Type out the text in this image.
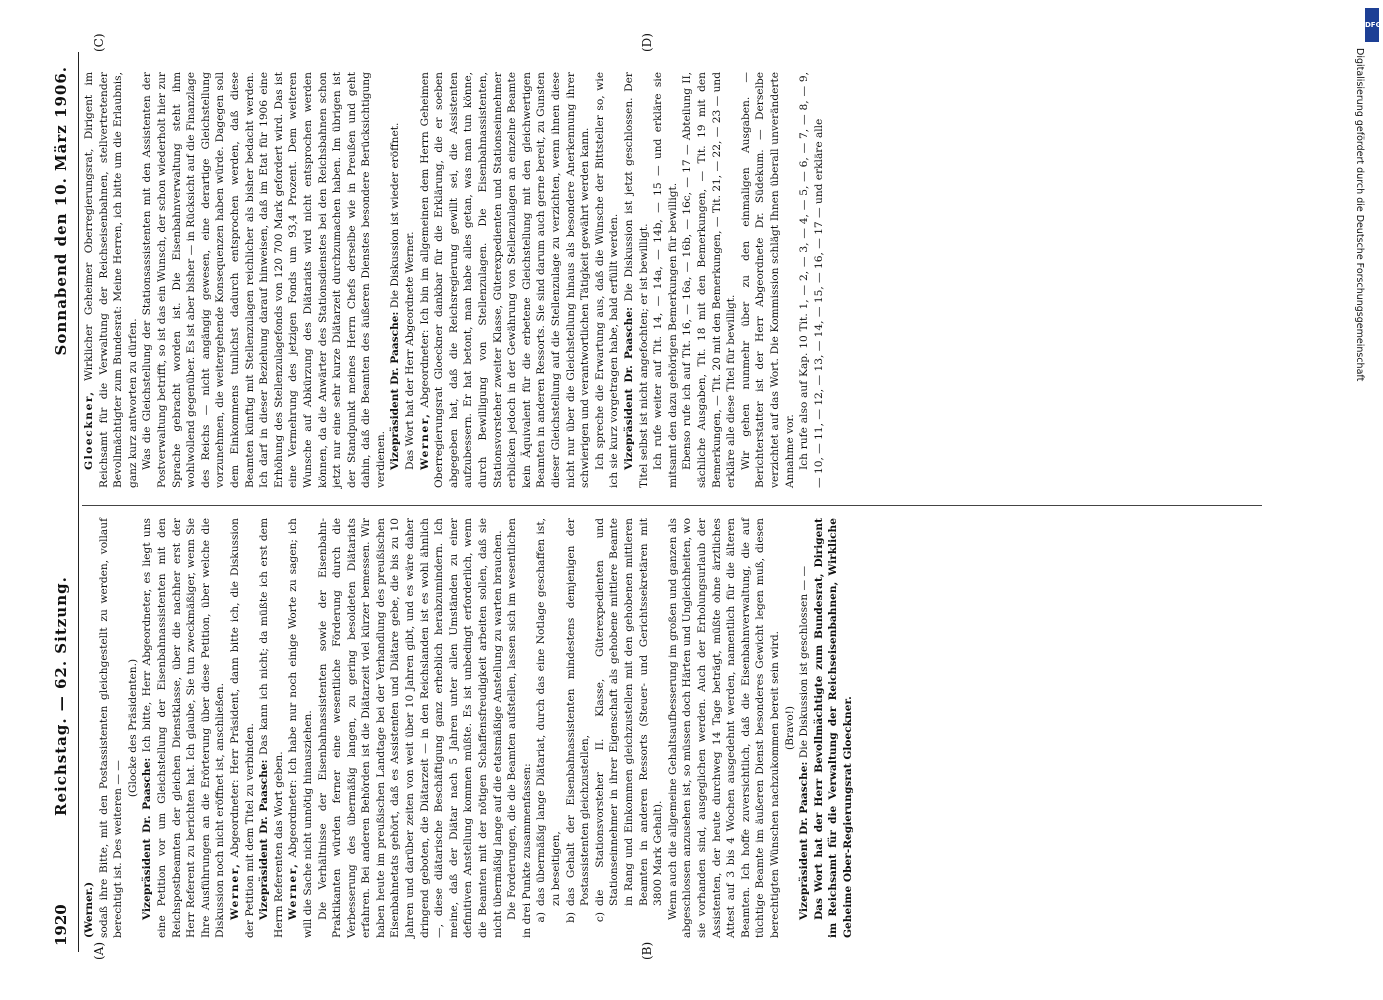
1920
Reichstag. — 62. Sitzung.
Sonnabend den 10. März 1906.
(A)	(B)
(C)	(D)

(Werner.) sodaß ihre Bitte, mit den Postassistenten gleichgestellt zu werden, vollauf berechtigt ist. Des weiteren — —

(Glocke des Präsidenten.)

Vizepräsident Dr. Paasche: Ich bitte, Herr Abgeordneter, es liegt uns eine Petition vor um Gleichstellung der Eisenbahnassistenten mit den Reichspostbeamten der gleichen Dienstklasse, über die nachher erst der Herr Referent zu berichten hat. Ich glaube, Sie tun zweckmäßiger, wenn Sie Ihre Ausführungen an die Erörterung über diese Petition, über welche die Diskussion noch nicht eröffnet ist, anschließen. Werner, Abgeordneter: Herr Präsident, dann bitte ich, die Diskussion der Petition mit dem Titel zu verbinden. Vizepräsident Dr. Paasche: Das kann ich nicht; da müßte ich erst dem Herrn Referenten das Wort geben. Werner, Abgeordneter: Ich habe nur noch einige Worte zu sagen; ich will die Sache nicht unnötig hinausziehen. Die Verhältnisse der Eisenbahnassistenten sowie der Eisenbahn-Praktikanten würden ferner eine wesentliche Förderung durch die Verbesserung des übermäßig langen, zu gering besoldeten Diätariats erfahren. Bei anderen Behörden ist die Diätarzeit viel kürzer bemessen. Wir haben heute im preußischen Landtage bei der Verhandlung des preußischen Eisenbahnetats gehört, daß es Assistenten und Diätare gebe, die bis zu 10 Jahren und darüber zeiten von weit über 10 Jahren gibt, und es wäre daher dringend geboten, die Diätarzeit — in den Reichslanden ist es wohl ähnlich —, diese diätarische Beschäftigung ganz erheblich herabzumindern. Ich meine, daß der Diätar nach 5 Jahren unter allen Umständen zu einer definitiven Anstellung kommen müßte. Es ist unbedingt erforderlich, wenn die Beamten mit der nötigen Schaffensfreudigkeit arbeiten sollen, daß sie nicht übermäßig lange auf die etatsmäßige Anstellung zu warten brauchen. Die Forderungen, die die Beamten aufstellen, lassen sich im wesentlichen in drei Punkte zusammenfassen: a)
das übermäßig lange Diätariat, durch das eine Notlage geschaffen ist, zu beseitigen,
b)
das Gehalt der Eisenbahnassistenten mindestens demjenigen der Postassistenten gleichzustellen,
c)
die Stationsvorsteher II. Klasse, Güterexpedienten und Stationseinnehmer in ihrer Eigenschaft als gehobene mittlere Beamte in Rang und Einkommen gleichzustellen mit den gehobenen mittleren Beamten in anderen Ressorts (Steuer- und Gerichtssekretären mit 3800 Mark Gehalt). Wenn auch die allgemeine Gehaltsaufbesserung im großen und ganzen als abgeschlossen anzusehen ist, so müssen doch Härten und Ungleichheiten, wo sie vorhanden sind, ausgeglichen werden. Auch der Erholungsurlaub der Assistenten, der heute durchweg 14 Tage beträgt, müßte ohne ärztliches Attest auf 3 bis 4 Wochen ausgedehnt werden, namentlich für die älteren Beamten. Ich hoffe zuversichtlich, daß die Eisenbahnverwaltung, die auf tüchtige Beamte im äußeren Dienst besonderes Gewicht legen muß, diesen berechtigten Wünschen nachzukommen bereit sein wird. (Bravo!)

Vizepräsident Dr. Paasche: Die Diskussion ist geschlossen — — Das Wort hat der Herr Bevollmächtigte zum Bundesrat, Dirigent im Reichsamt für die Verwaltung der Reichseisenbahnen, Wirkliche Geheime Ober-Regierungsrat Gloeckner.

Gloeckner, Wirklicher Geheimer Oberregierungsrat, Dirigent im Reichsamt für die Verwaltung der Reichseisenbahnen, stellvertretender Bevollmächtigter zum Bundesrat: Meine Herren, ich bitte um die Erlaubnis, ganz kurz antworten zu dürfen. Was die Gleichstellung der Stationsassistenten mit den Assistenten der Postverwaltung betrifft, so ist das ein Wunsch, der schon wiederholt hier zur Sprache gebracht worden ist. Die Eisenbahnverwaltung steht ihm wohlwollend gegenüber. Es ist aber bisher — in Rücksicht auf die Finanzlage des Reichs — nicht angängig gewesen, eine derartige Gleichstellung vorzunehmen, die weitergehende Konsequenzen haben würde. Dagegen soll dem Einkommens tunlichst dadurch entsprochen werden, daß diese Beamten künftig mit Stellenzulagen reichlicher als bisher bedacht werden. Ich darf in dieser Beziehung darauf hinweisen, daß im Etat für 1906 eine Erhöhung des Stellenzulagefonds von 120 700 Mark gefordert wird. Das ist eine Vermehrung des jetzigen Fonds um 93,4 Prozent. Dem weiteren Wunsche auf Abkürzung des Diätariats wird nicht entsprochen werden können, da die Anwärter des Stationsdienstes bei den Reichsbahnen schon jetzt nur eine sehr kurze Diätarzeit durchzumachen haben. Im übrigen ist der Standpunkt meines Herrn Chefs derselbe wie in Preußen und geht dahin, daß die Beamten des äußeren Dienstes besondere Berücksichtigung verdienen. Vizepräsident Dr. Paasche: Die Diskussion ist wieder eröffnet.

Das Wort hat der Herr Abgeordnete Werner. Werner, Abgeordneter: Ich bin im allgemeinen dem Herrn Geheimen Oberregierungsrat Gloeckner dankbar für die Erklärung, die er soeben abgegeben hat, daß die Reichsregierung gewillt sei, die Assistenten aufzubessern. Er hat betont, man habe alles getan, was man tun könne, durch Bewilligung von Stellenzulagen. Die Eisenbahnassistenten, Stationsvorsteher zweiter Klasse, Güterexpedienten und Stationseinnehmer erblicken jedoch in der Gewährung von Stellenzulagen an einzelne Beamte kein Äquivalent für die erbetene Gleichstellung mit den gleichwertigen Beamten in anderen Ressorts. Sie sind darum auch gerne bereit, zu Gunsten dieser Gleichstellung auf die Stellenzulage zu verzichten, wenn ihnen diese nicht nur über die Gleichstellung hinaus als besondere Anerkennung ihrer schwierigen und verantwortlichen Tätigkeit gewährt werden kann. Ich spreche die Erwartung aus, daß die Wünsche der Bittsteller so, wie ich sie kurz vorgetragen habe, bald erfüllt werden. Vizepräsident Dr. Paasche: Die Diskussion ist jetzt geschlossen. Der Titel selbst ist nicht angefochten; er ist bewilligt. Ich rufe weiter auf Tit. 14, — 14a, — 14b, — 15 — und erkläre sie mitsamt den dazu gehörigen Bemerkungen für bewilligt. Ebenso rufe ich auf Tit. 16, — 16a, — 16b, — 16c, — 17 — Abteilung II, sächliche Ausgaben, Tit. 18 mit den Bemerkungen, — Tit. 19 mit den Bemerkungen, — Tit. 20 mit den Bemerkungen, — Tit. 21, — 22, — 23 — und erkläre alle diese Titel für bewilligt. Wir gehen nunmehr über zu den einmaligen Ausgaben. — Berichterstatter ist der Herr Abgeordnete Dr. Südekum. — Derselbe verzichtet auf das Wort. Die Kommission schlägt Ihnen überall unveränderte Annahme vor. Ich rufe also auf Kap. 10 Tit. 1, — 2, — 3, — 4, — 5, — 6, — 7, — 8, — 9, — 10, — 11, — 12, — 13, — 14, — 15, — 16, — 17 — und erkläre alle

DFG
Digitalisierung gefördert durch die Deutsche Forschungsgemeinschaft
